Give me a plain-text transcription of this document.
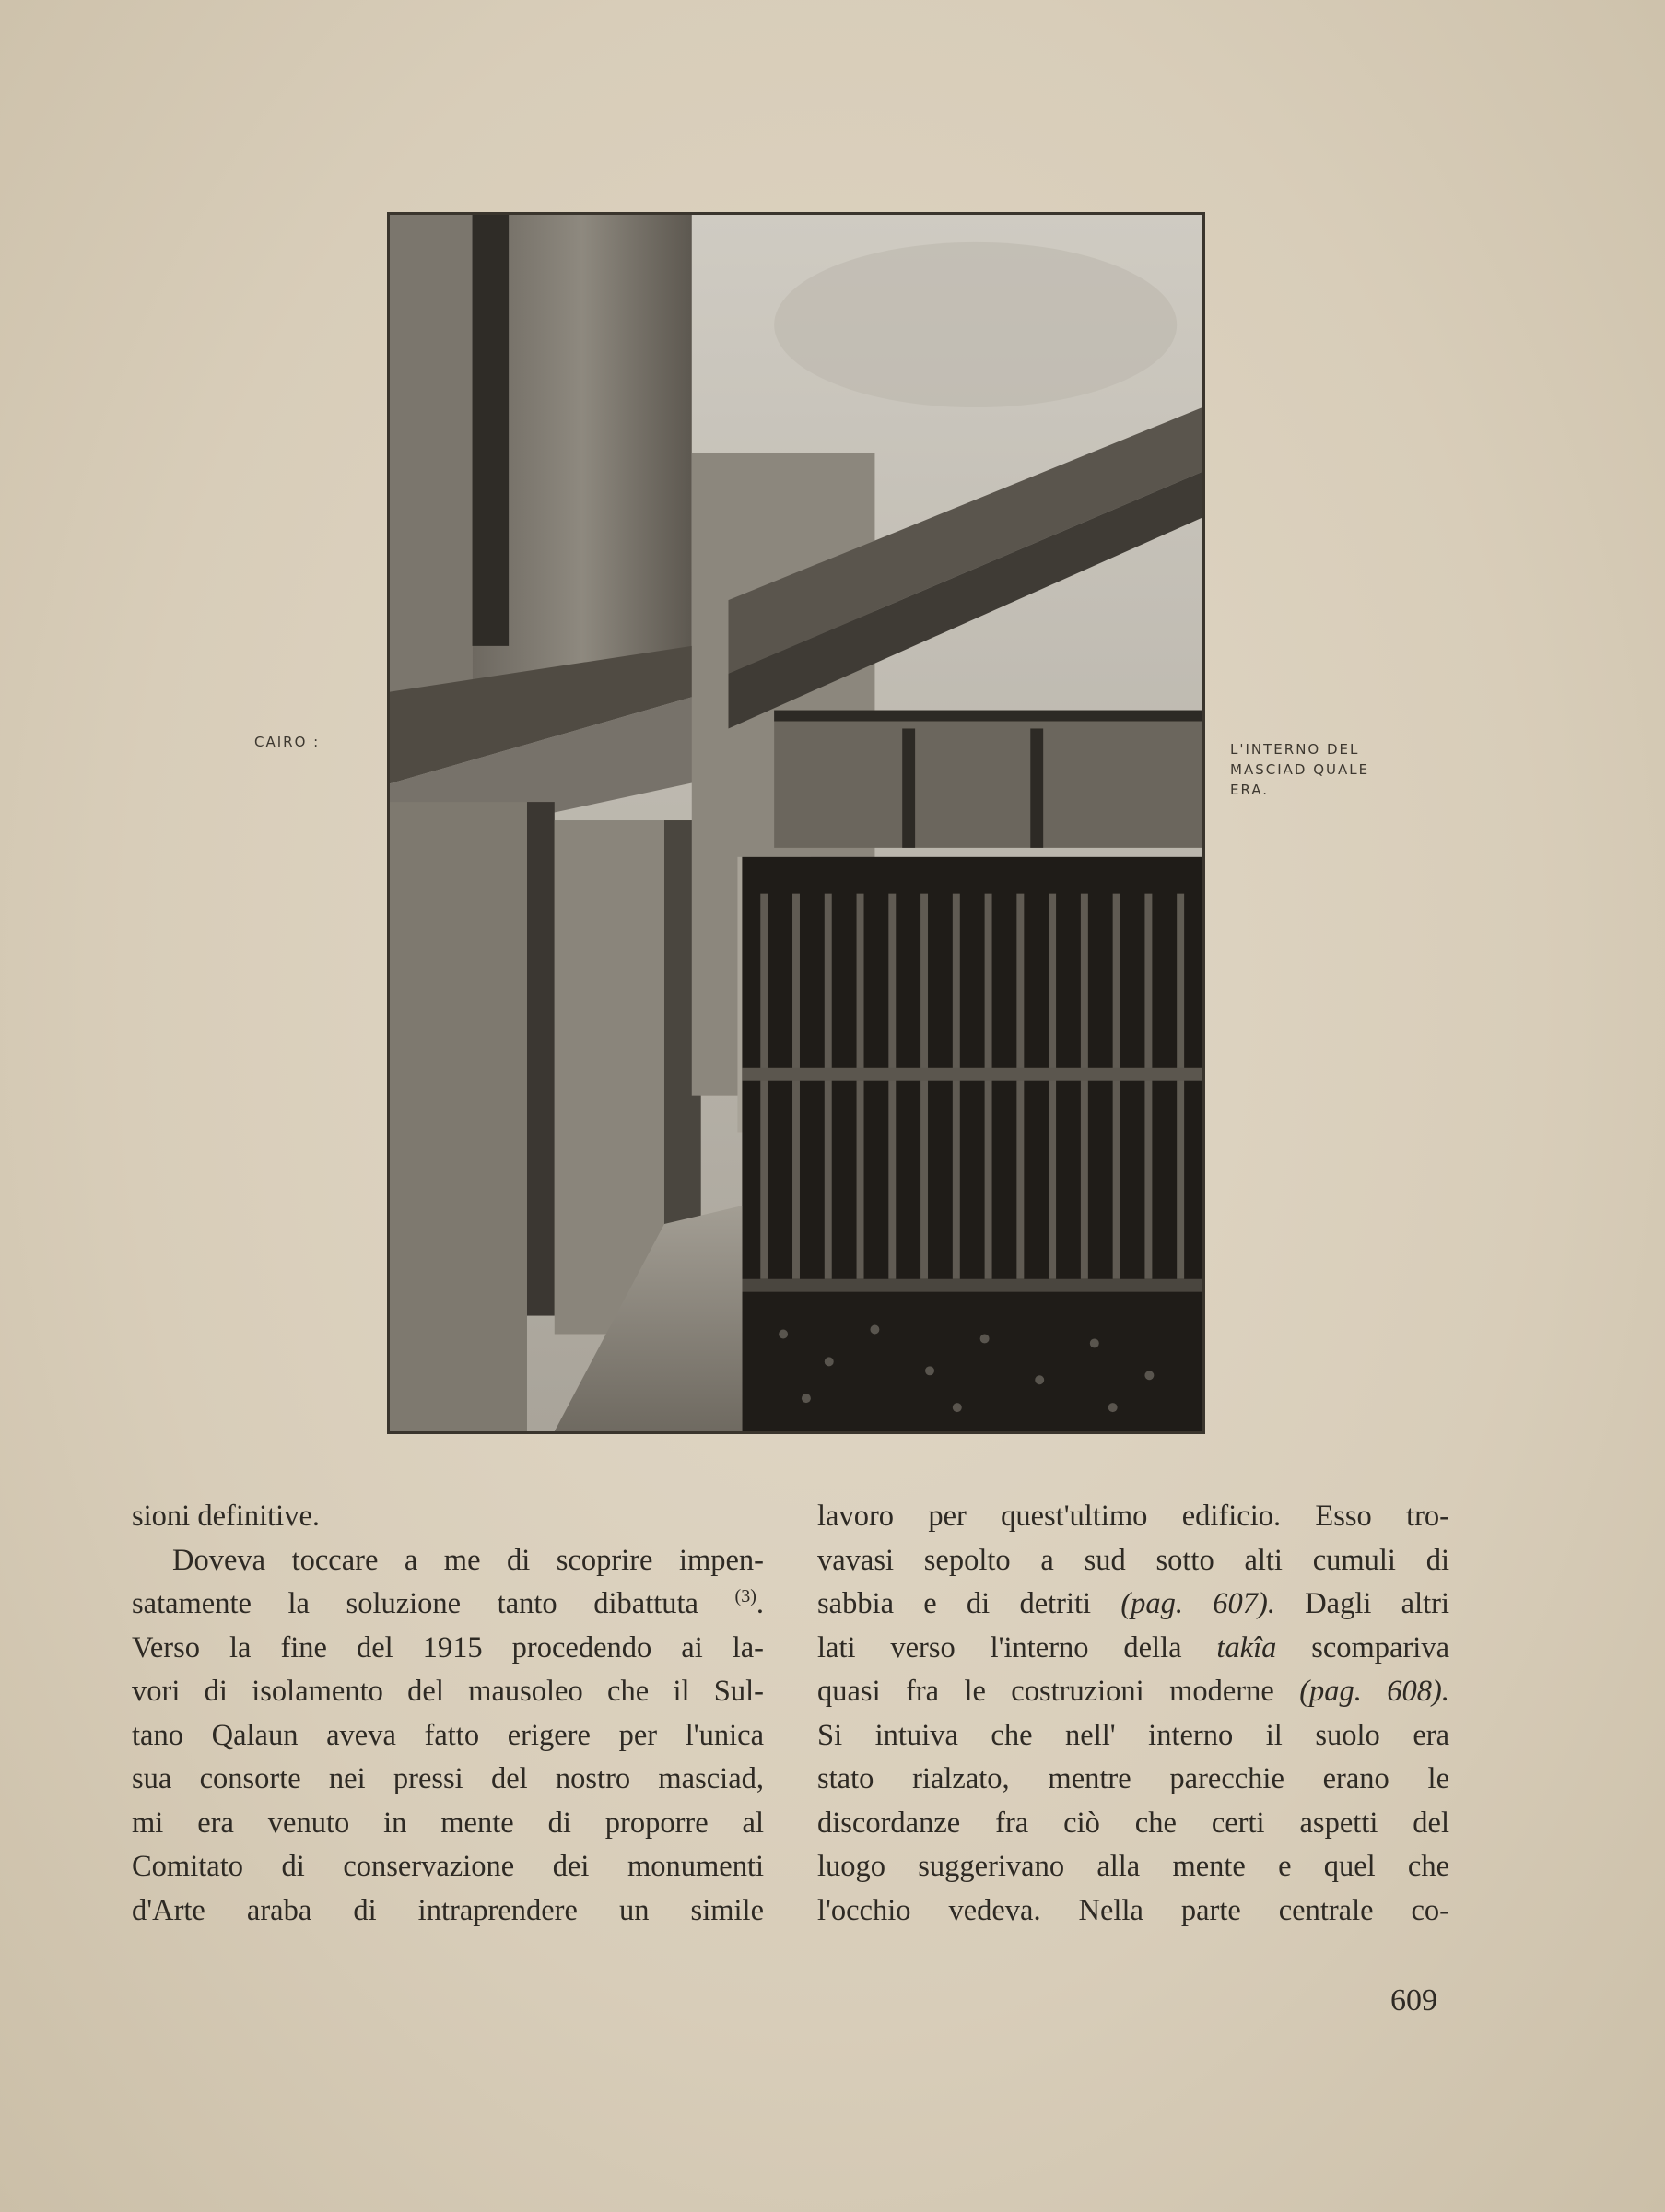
CAIRO :	L'INTERNO DEL
MASCIAD QUALE
ERA.
sioni definitive.
Doveva toccare a me di scoprire impen-
satamente la soluzione tanto dibattuta $^{(3)}$.
Verso la fine del 1915 procedendo ai la-
vori di isolamento del mausoleo che il Sul-
tano Qalaun aveva fatto erigere per l'unica
sua consorte nei pressi del nostro masciad,
mi era venuto in mente di proporre al
Comitato di conservazione dei monumenti
d'Arte araba di intraprendere un simile
lavoro per quest'ultimo edificio. Esso tro-
vavasi sepolto a sud sotto alti cumuli di
sabbia e di detriti (pag. 607). Dagli altri
lati verso l'interno della takîa scompariva
quasi fra le costruzioni moderne (pag. 608).
Si intuiva che nell' interno il suolo era
stato rialzato, mentre parecchie erano le
discordanze fra ciò che certi aspetti del
luogo suggerivano alla mente e quel che
l'occhio vedeva. Nella parte centrale co-
609
